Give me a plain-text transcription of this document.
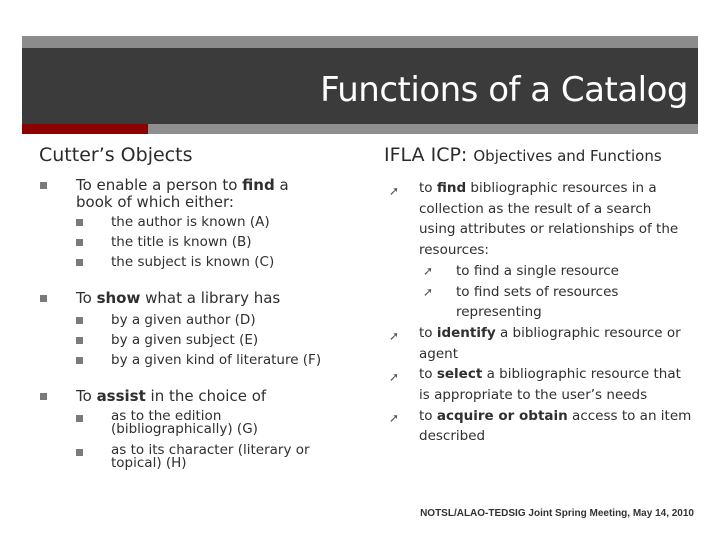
Functions of a Catalog
Cutter’s Objects
To enable a person to find a
book of which either:
the author is known (A)
the title is known (B)
the subject is known (C)
To show what a library has
by a given author (D)
by a given subject (E)
by a given kind of literature (F)
To assist in the choice of
as to the edition
(bibliographically) (G)
as to its character (literary or
topical) (H)
IFLA ICP: Objectives and Functions
➚ to find bibliographic resources in a
collection as the result of a search
using attributes or relationships of the
resources:
➚ to find a single resource
➚ to find sets of resources
representing
➚ to identify a bibliographic resource or
agent
➚ to select a bibliographic resource that
is appropriate to the user’s needs
➚ to acquire or obtain access to an item
described
NOTSL/ALAO-TEDSIG Joint Spring Meeting, May 14, 2010
